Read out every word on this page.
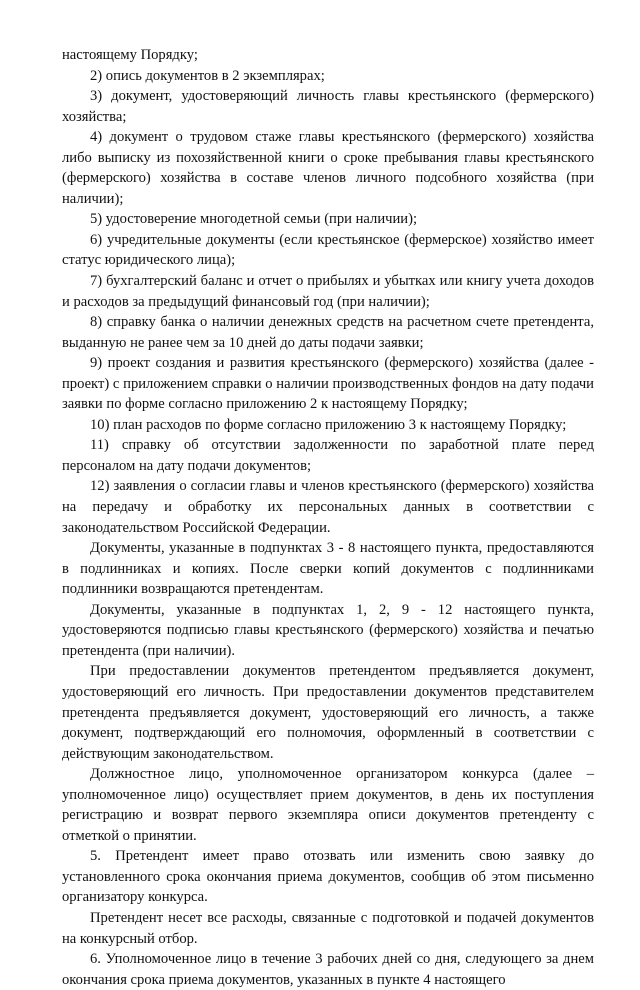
настоящему Порядку;

2) опись документов в 2 экземплярах;

3) документ, удостоверяющий личность главы крестьянского (фермерского) хозяйства;

4) документ о трудовом стаже главы крестьянского (фермерского) хозяйства либо выписку из похозяйственной книги о сроке пребывания главы крестьянского (фермерского) хозяйства в составе членов личного подсобного хозяйства (при наличии);

5) удостоверение многодетной семьи (при наличии);

6) учредительные документы (если крестьянское (фермерское) хозяйство имеет статус юридического лица);

7) бухгалтерский баланс и отчет о прибылях и убытках или книгу учета доходов и расходов за предыдущий финансовый год (при наличии);

8) справку банка о наличии денежных средств на расчетном счете претендента, выданную не ранее чем за 10 дней до даты подачи заявки;

9) проект создания и развития крестьянского (фермерского) хозяйства (далее - проект) с приложением справки о наличии производственных фондов на дату подачи заявки по форме согласно приложению 2 к настоящему Порядку;

10) план расходов по форме согласно приложению 3 к настоящему Порядку;

11) справку об отсутствии задолженности по заработной плате перед персоналом на дату подачи документов;

12) заявления о согласии главы и членов крестьянского (фермерского) хозяйства на передачу и обработку их персональных данных в соответствии с законодательством Российской Федерации.

Документы, указанные в подпунктах 3 - 8 настоящего пункта, предоставляются в подлинниках и копиях. После сверки копий документов с подлинниками подлинники возвращаются претендентам.

Документы, указанные в подпунктах 1, 2, 9 - 12 настоящего пункта, удостоверяются подписью главы крестьянского (фермерского) хозяйства и печатью претендента (при наличии).

При предоставлении документов претендентом предъявляется документ, удостоверяющий его личность. При предоставлении документов представителем претендента предъявляется документ, удостоверяющий его личность, а также документ, подтверждающий его полномочия, оформленный в соответствии с действующим законодательством.

Должностное лицо, уполномоченное организатором конкурса (далее – уполномоченное лицо) осуществляет прием документов, в день их поступления регистрацию и возврат первого экземпляра описи документов претенденту с отметкой о принятии.

5. Претендент имеет право отозвать или изменить свою заявку до установленного срока окончания приема документов, сообщив об этом письменно организатору конкурса.

Претендент несет все расходы, связанные с подготовкой и подачей документов на конкурсный отбор.

6. Уполномоченное лицо в течение 3 рабочих дней со дня, следующего за днем окончания срока приема документов, указанных в пункте 4 настоящего
